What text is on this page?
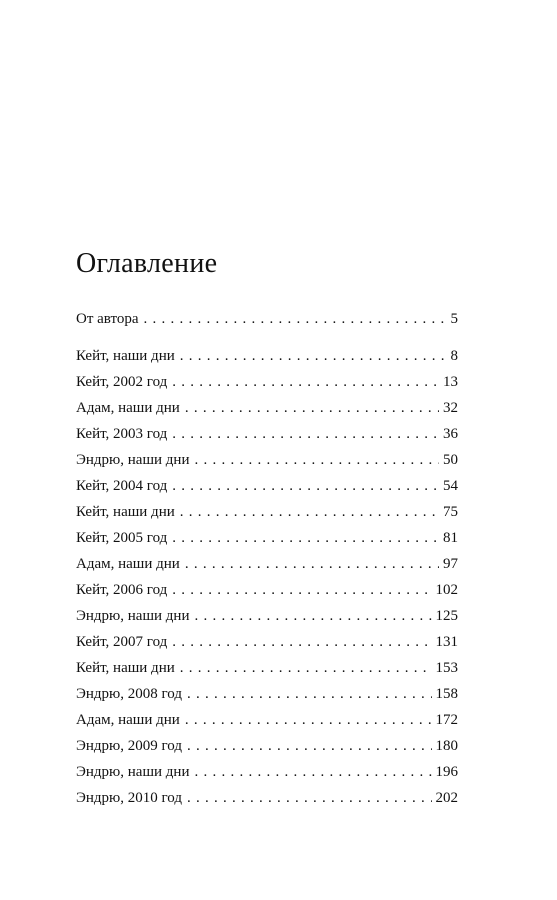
Оглавление
От автора . . .	5
Кейт, наши дни . . .	8
Кейт, 2002 год . . .	13
Адам, наши дни . . .	32
Кейт, 2003 год . . .	36
Эндрю, наши дни . . .	50
Кейт, 2004 год . . .	54
Кейт, наши дни . . .	75
Кейт, 2005 год . . .	81
Адам, наши дни . . .	97
Кейт, 2006 год . . .	102
Эндрю, наши дни . . .	125
Кейт, 2007 год . . .	131
Кейт, наши дни . . .	153
Эндрю, 2008 год . . .	158
Адам, наши дни . . .	172
Эндрю, 2009 год . . .	180
Эндрю, наши дни . . .	196
Эндрю, 2010 год . . .	202
